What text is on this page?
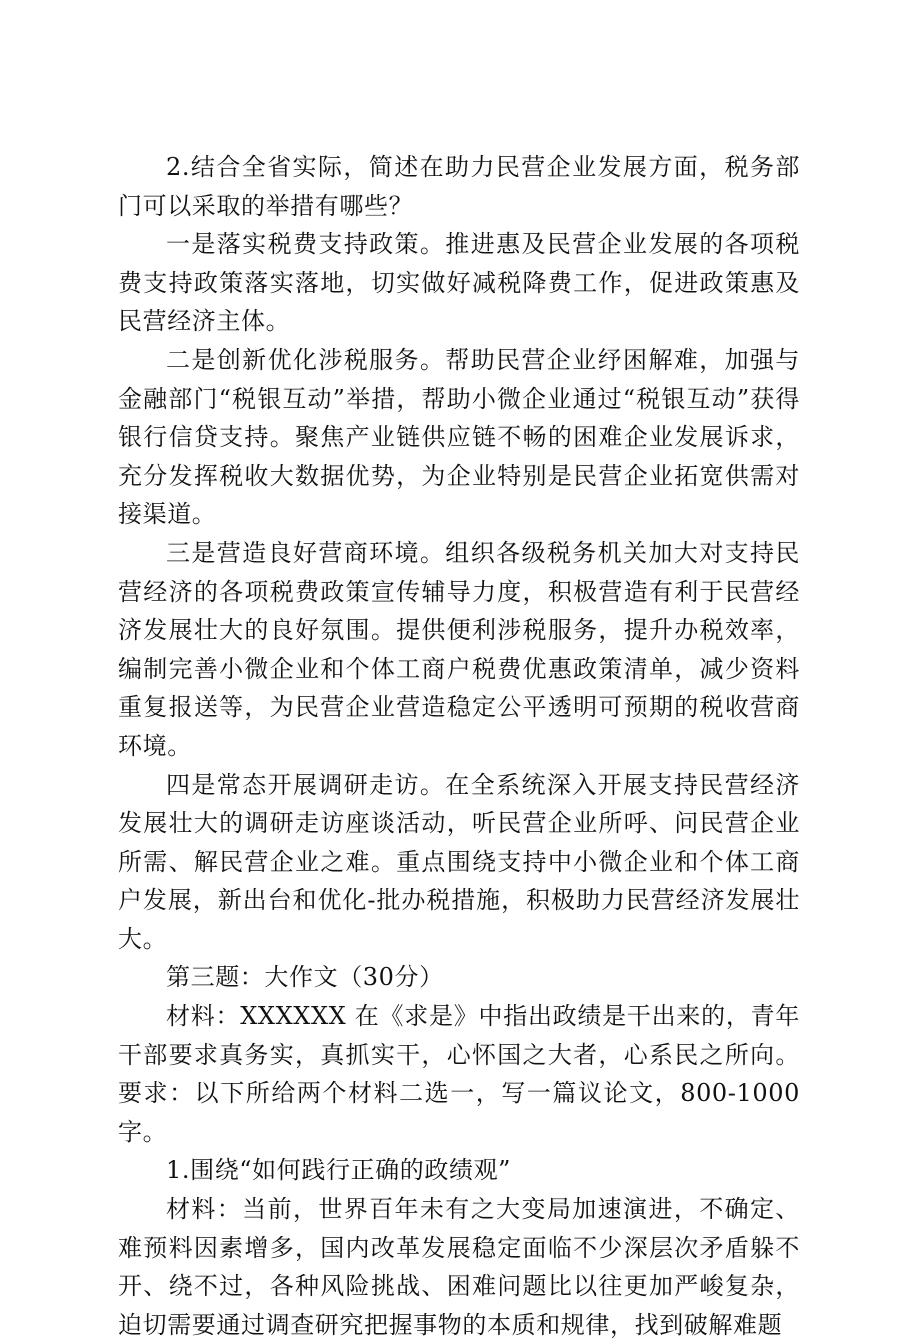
2.结合全省实际，简述在助力民营企业发展方面，税务部门可以采取的举措有哪些？

一是落实税费支持政策。推进惠及民营企业发展的各项税费支持政策落实落地，切实做好减税降费工作，促进政策惠及民营经济主体。

二是创新优化涉税服务。帮助民营企业纾困解难，加强与金融部门“税银互动”举措，帮助小微企业通过“税银互动”获得银行信贷支持。聚焦产业链供应链不畅的困难企业发展诉求，充分发挥税收大数据优势，为企业特别是民营企业拓宽供需对接渠道。

三是营造良好营商环境。组织各级税务机关加大对支持民营经济的各项税费政策宣传辅导力度，积极营造有利于民营经济发展壮大的良好氛围。提供便利涉税服务，提升办税效率，编制完善小微企业和个体工商户税费优惠政策清单，减少资料重复报送等，为民营企业营造稳定公平透明可预期的税收营商环境。

四是常态开展调研走访。在全系统深入开展支持民营经济发展壮大的调研走访座谈活动，听民营企业所呼、问民营企业所需、解民营企业之难。重点围绕支持中小微企业和个体工商户发展，新出台和优化-批办税措施，积极助力民营经济发展壮大。

第三题：大作文（30分）

材料：XXXXXX 在《求是》中指出政绩是干出来的，青年干部要求真务实，真抓实干，心怀国之大者，心系民之所向。要求：以下所给两个材料二选一，写一篇议论文，800-1000 字。

1.围绕“如何践行正确的政绩观”

材料：当前，世界百年未有之大变局加速演进，不确定、难预料因素增多，国内改革发展稳定面临不少深层次矛盾躲不开、绕不过，各种风险挑战、困难问题比以往更加严峻复杂，迫切需要通过调查研究把握事物的本质和规律，找到破解难题
